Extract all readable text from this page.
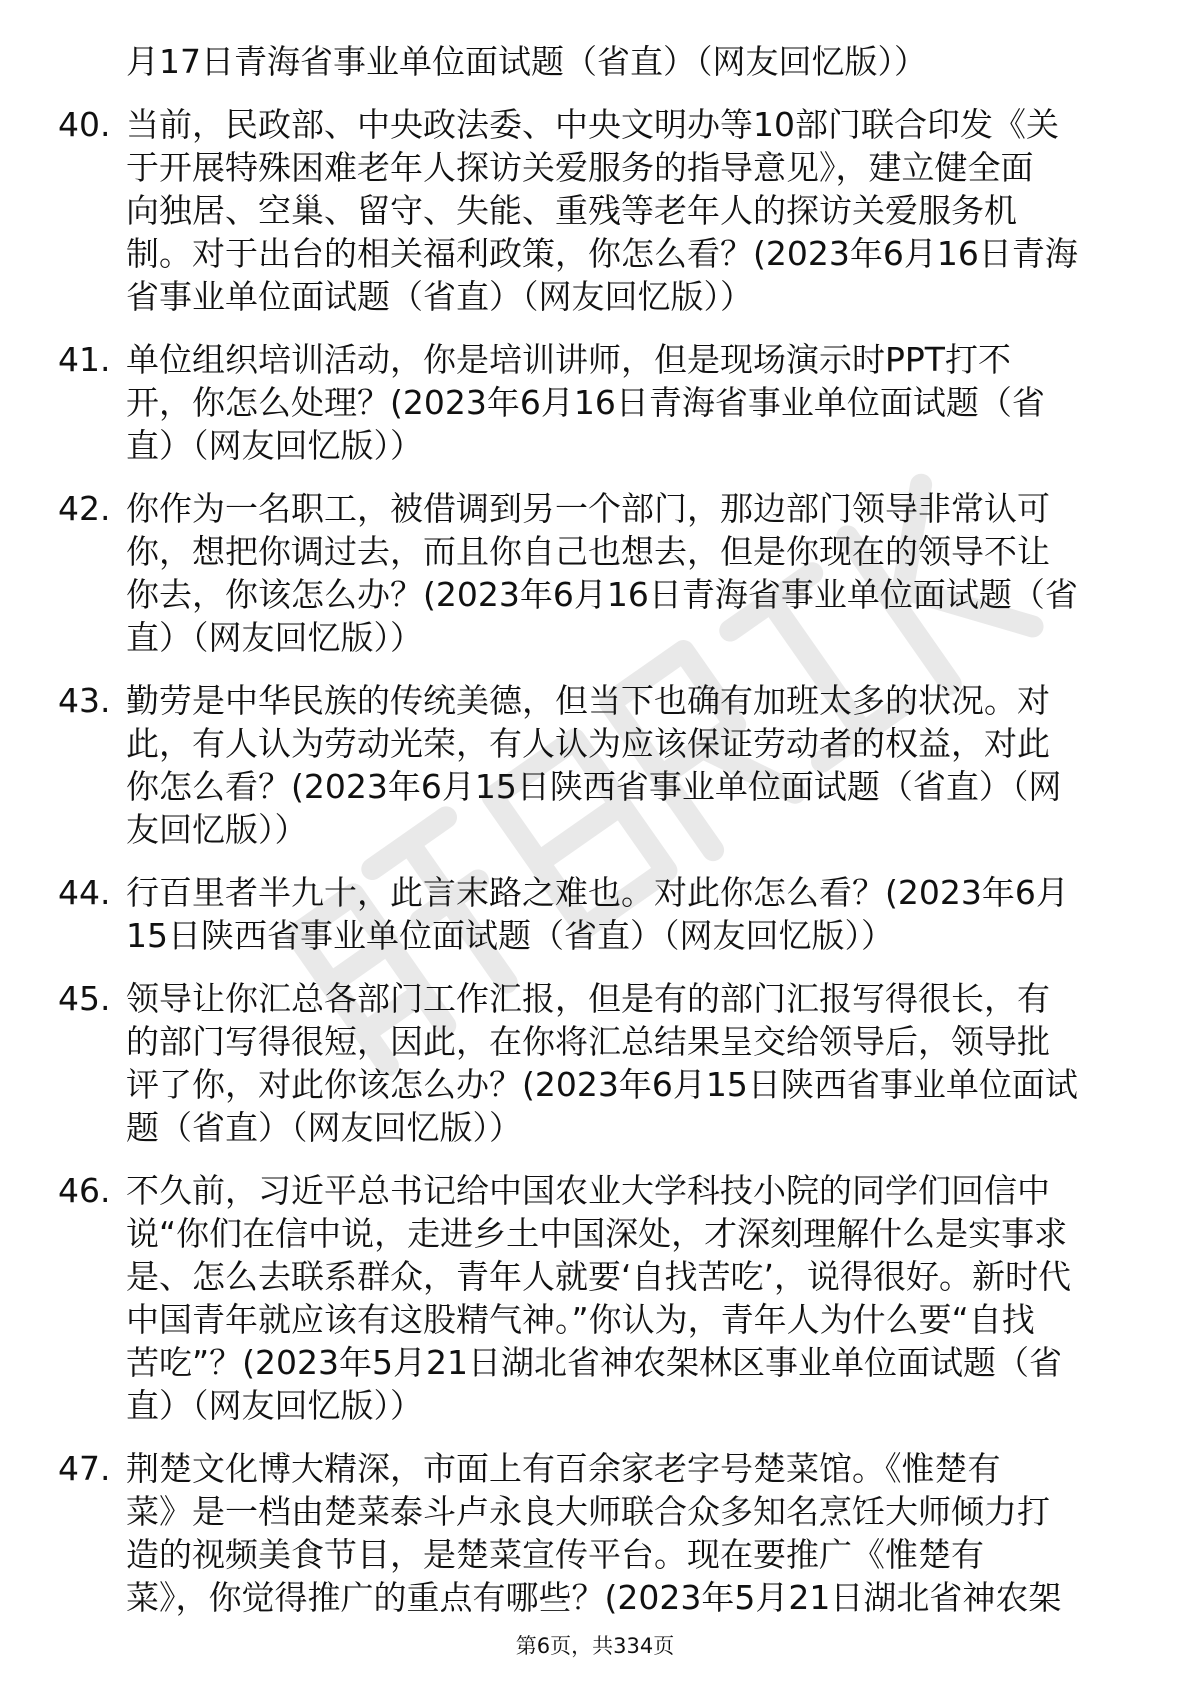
月17日青海省事业单位面试题（省直）（网友回忆版））
40. 当前，民政部、中央政法委、中央文明办等10部门联合印发《关
于开展特殊困难老年人探访关爱服务的指导意见》，建立健全面
向独居、空巢、留守、失能、重残等老年人的探访关爱服务机
制。对于出台的相关福利政策，你怎么看？(2023年6月16日青海
省事业单位面试题（省直）（网友回忆版））
41. 单位组织培训活动，你是培训讲师，但是现场演示时PPT打不
开，你怎么处理？(2023年6月16日青海省事业单位面试题（省
直）（网友回忆版））
42. 你作为一名职工，被借调到另一个部门，那边部门领导非常认可
你，想把你调过去，而且你自己也想去，但是你现在的领导不让
你去，你该怎么办？(2023年6月16日青海省事业单位面试题（省
直）（网友回忆版））
43. 勤劳是中华民族的传统美德，但当下也确有加班太多的状况。对
此，有人认为劳动光荣，有人认为应该保证劳动者的权益，对此
你怎么看？(2023年6月15日陕西省事业单位面试题（省直）（网
友回忆版））
44. 行百里者半九十，此言末路之难也。对此你怎么看？(2023年6月
15日陕西省事业单位面试题（省直）（网友回忆版））
45. 领导让你汇总各部门工作汇报，但是有的部门汇报写得很长，有
的部门写得很短，因此，在你将汇总结果呈交给领导后，领导批
评了你，对此你该怎么办？(2023年6月15日陕西省事业单位面试
题（省直）（网友回忆版））
46. 不久前，习近平总书记给中国农业大学科技小院的同学们回信中
说“你们在信中说，走进乡土中国深处，才深刻理解什么是实事求
是、怎么去联系群众，青年人就要‘自找苦吃’，说得很好。新时代
中国青年就应该有这股精气神。”你认为，青年人为什么要“自找
苦吃”？(2023年5月21日湖北省神农架林区事业单位面试题（省
直）（网友回忆版））
47. 荆楚文化博大精深，市面上有百余家老字号楚菜馆。《惟楚有
菜》是一档由楚菜泰斗卢永良大师联合众多知名烹饪大师倾力打
造的视频美食节目，是楚菜宣传平台。现在要推广《惟楚有
菜》，你觉得推广的重点有哪些？(2023年5月21日湖北省神农架
第6页，共334页
